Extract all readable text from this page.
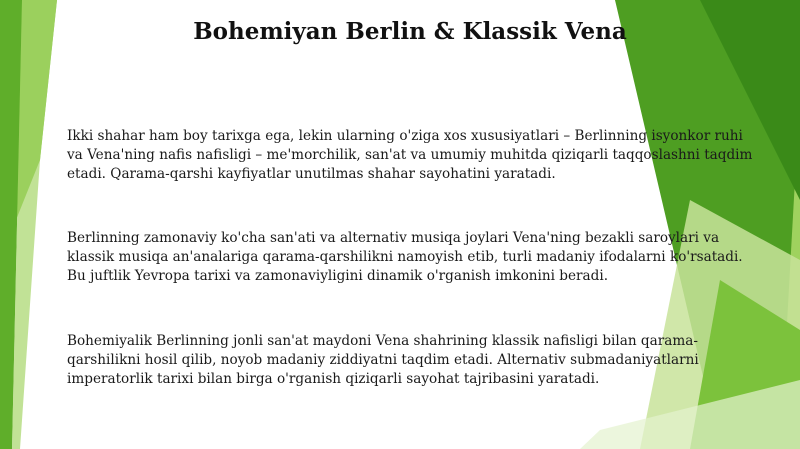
Bohemiyan Berlin & Klassik Vena

Ikki shahar ham boy tarixga ega, lekin ularning o'ziga xos xususiyatlari – Berlinning isyonkor ruhi va Vena'ning nafis nafisligi – me'morchilik, san'at va umumiy muhitda qiziqarli taqqoslashni taqdim etadi. Qarama-qarshi kayfiyatlar unutilmas shahar sayohatini yaratadi.

Berlinning zamonaviy ko'cha san'ati va alternativ musiqa joylari Vena'ning bezakli saroylari va klassik musiqa an'analariga qarama-qarshilikni namoyish etib, turli madaniy ifodalarni ko'rsatadi. Bu juftlik Yevropa tarixi va zamonaviyligini dinamik o'rganish imkonini beradi.

Bohemiyalik Berlinning jonli san'at maydoni Vena shahrining klassik nafisligi bilan qarama-qarshilikni hosil qilib, noyob madaniy ziddiyatni taqdim etadi. Alternativ submadaniyatlarni imperatorlik tarixi bilan birga o'rganish qiziqarli sayohat tajribasini yaratadi.
